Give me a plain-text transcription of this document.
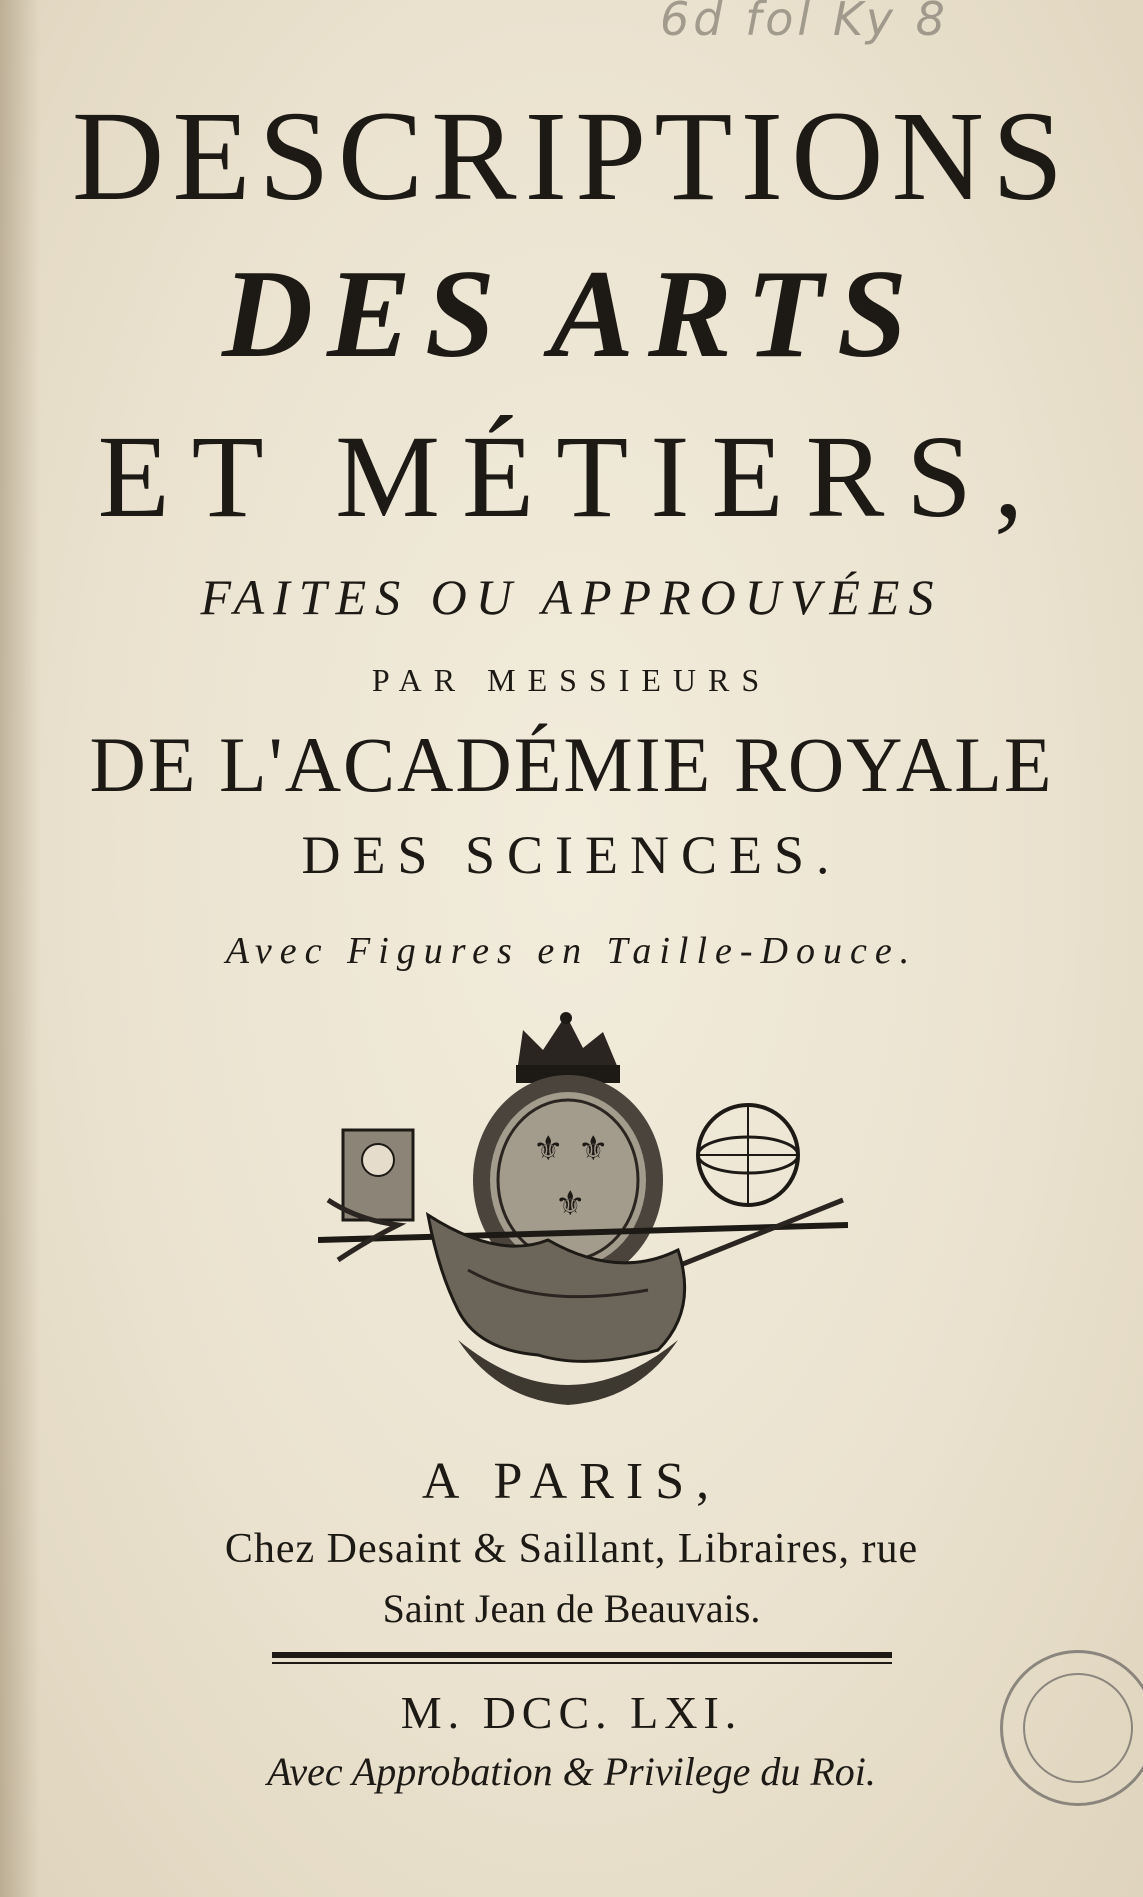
6d fol Ky 8
DESCRIPTIONS
DES ARTS
ET MÉTIERS,
FAITES OU APPROUVÉES
PAR MESSIEURS
DE L'ACADÉMIE ROYALE
DES SCIENCES.
Avec Figures en Taille-Douce.
⚜ ⚜
⚜
A PARIS,
Chez Desaint & Saillant, Libraires, rue
Saint Jean de Beauvais.
M. DCC. LXI.
Avec Approbation & Privilege du Roi.
